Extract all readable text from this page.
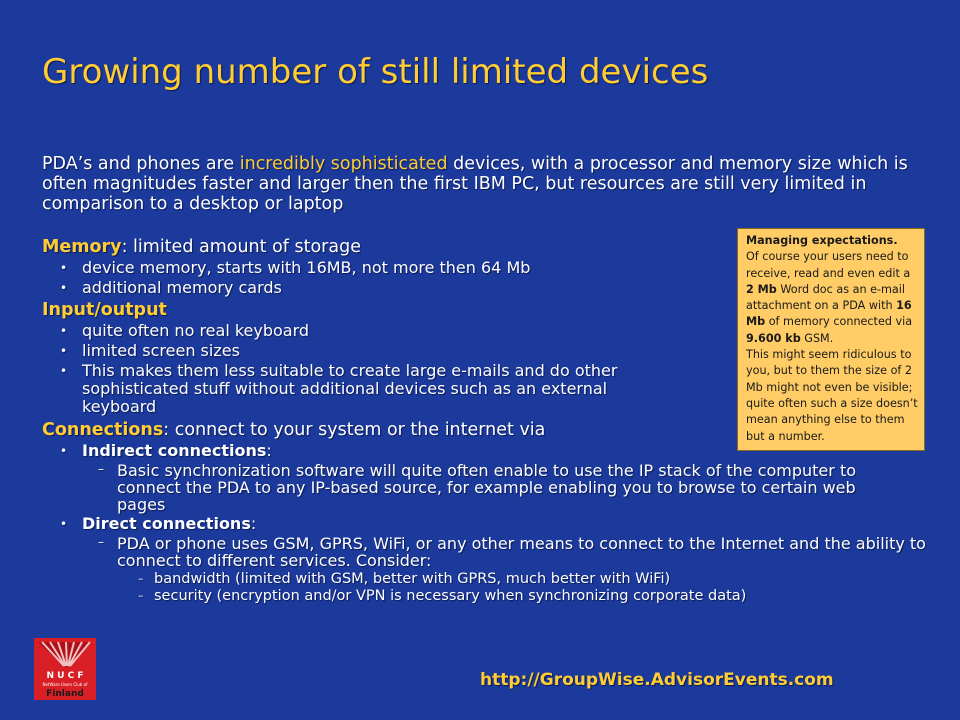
Growing number of still limited devices
PDA’s and phones are incredibly sophisticated devices, with a processor and memory size which is often magnitudes faster and larger then the first IBM PC, but resources are still very limited in comparison to a desktop or laptop
Memory: limited amount of storage
• device memory, starts with 16MB, not more then 64 Mb
• additional memory cards
Input/output
• quite often no real keyboard
• limited screen sizes
• This makes them less suitable to create large e-mails and do other sophisticated stuff without additional devices such as an external keyboard
Connections: connect to your system or the internet via
• Indirect connections:
– Basic synchronization software will quite often enable to use the IP stack of the computer to connect the PDA to any IP-based source, for example enabling you to browse to certain web pages
• Direct connections:
– PDA or phone uses GSM, GPRS, WiFi, or any other means to connect to the Internet and the ability to connect to different services. Consider:
– bandwidth (limited with GSM, better with GPRS, much better with WiFi)
– security (encryption and/or VPN is necessary when synchronizing corporate data)
Managing expectations.
Of course your users need to receive, read and even edit a 2 Mb Word doc as an e-mail attachment on a PDA with 16 Mb of memory connected via 9.600 kb GSM.
This might seem ridiculous to you, but to them the size of 2 Mb might not even be visible; quite often such a size doesn’t mean anything else to them but a number.
N U C F
NetWare Users Club of
Finland
http://GroupWise.AdvisorEvents.com
